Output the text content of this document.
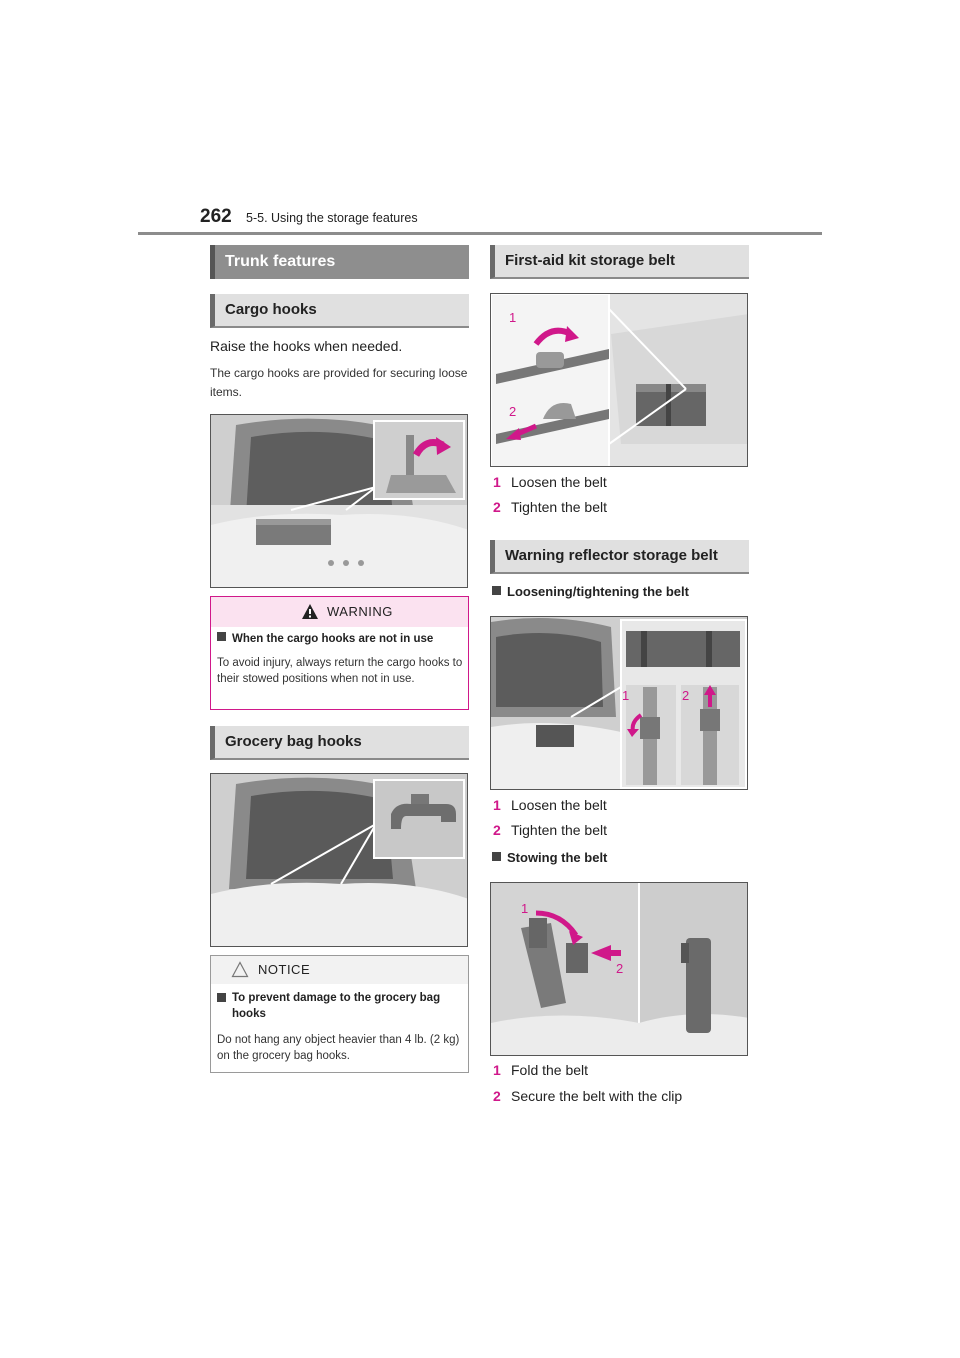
262 5-5. Using the storage features
Trunk features
Cargo hooks
Raise the hooks when needed.
The cargo hooks are provided for securing loose items.
WARNING
When the cargo hooks are not in use
To avoid injury, always return the cargo hooks to their stowed positions when not in use.
Grocery bag hooks
NOTICE
To prevent damage to the grocery bag hooks
Do not hang any object heavier than 4 lb. (2 kg) on the grocery bag hooks.
First-aid kit storage belt
1
2
1 Loosen the belt
2 Tighten the belt
Warning reflector storage belt
Loosening/tightening the belt
1	2
1 Loosen the belt
2 Tighten the belt
Stowing the belt
1
2
1 Fold the belt
2 Secure the belt with the clip
